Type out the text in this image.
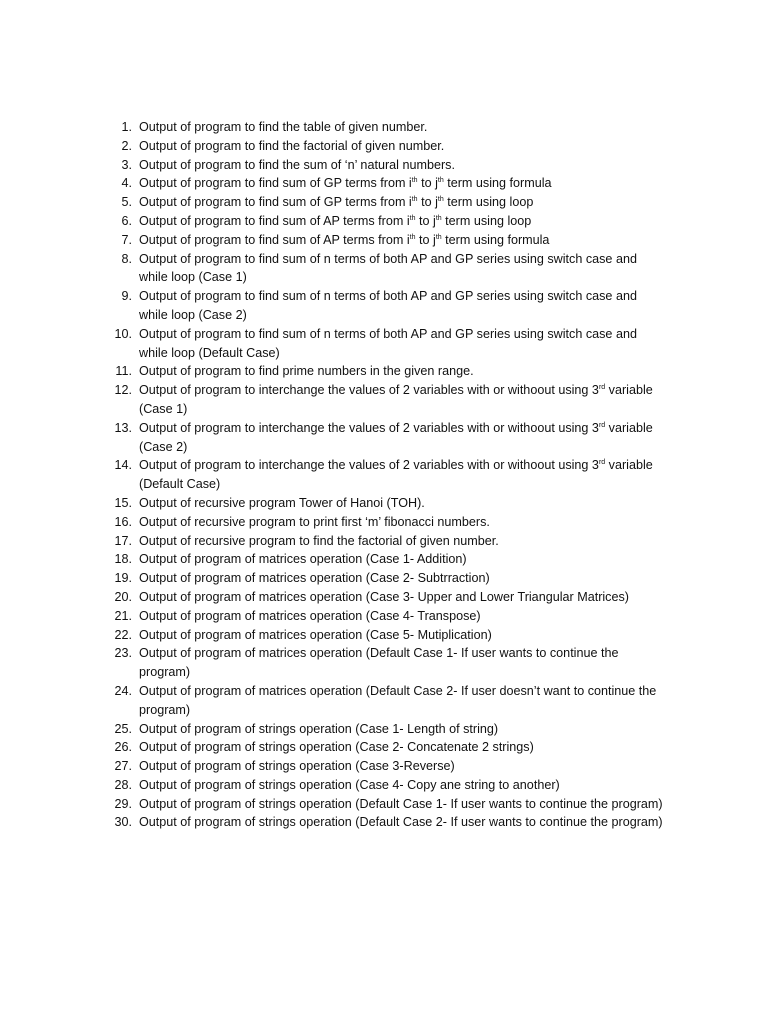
1. Output of program to find the table of given number.
2. Output of program to find the factorial of given number.
3. Output of program to find the sum of ‘n’ natural numbers.
4. Output of program to find sum of GP terms from $i^{th}$ to $j^{th}$ term using formula
5. Output of program to find sum of GP terms from $i^{th}$ to $j^{th}$ term using loop
6. Output of program to find sum of AP terms from $i^{th}$ to $j^{th}$ term using loop
7. Output of program to find sum of AP terms from $i^{th}$ to $j^{th}$ term using formula
8. Output of program to find sum of n terms of both AP and GP series using switch case and while loop (Case 1)
9. Output of program to find sum of n terms of both AP and GP series using switch case and while loop (Case 2)
10. Output of program to find sum of n terms of both AP and GP series using switch case and while loop (Default Case)
11. Output of program to find prime numbers in the given range.
12. Output of program to interchange the values of 2 variables with or withoout using 3rd variable (Case 1)
13. Output of program to interchange the values of 2 variables with or withoout using 3rd variable (Case 2)
14. Output of program to interchange the values of 2 variables with or withoout using 3rd variable (Default Case)
15. Output of recursive program Tower of Hanoi (TOH).
16. Output of recursive program to print first ‘m’ fibonacci numbers.
17. Output of recursive program to find the factorial of given number.
18. Output of program of matrices operation (Case 1- Addition)
19. Output of program of matrices operation (Case 2- Subtrraction)
20. Output of program of matrices operation (Case 3- Upper and Lower Triangular Matrices)
21. Output of program of matrices operation (Case 4- Transpose)
22. Output of program of matrices operation (Case 5- Mutiplication)
23. Output of program of matrices operation (Default Case 1- If user wants to continue the program)
24. Output of program of matrices operation (Default Case 2- If user doesn’t want to continue the program)
25. Output of program of strings operation (Case 1- Length of string)
26. Output of program of strings operation (Case 2- Concatenate 2 strings)
27. Output of program of strings operation (Case 3-Reverse)
28. Output of program of strings operation (Case 4- Copy ane string to another)
29. Output of program of strings operation (Default Case 1- If user wants to continue the program)
30. Output of program of strings operation (Default Case 2- If user wants to continue the program)
